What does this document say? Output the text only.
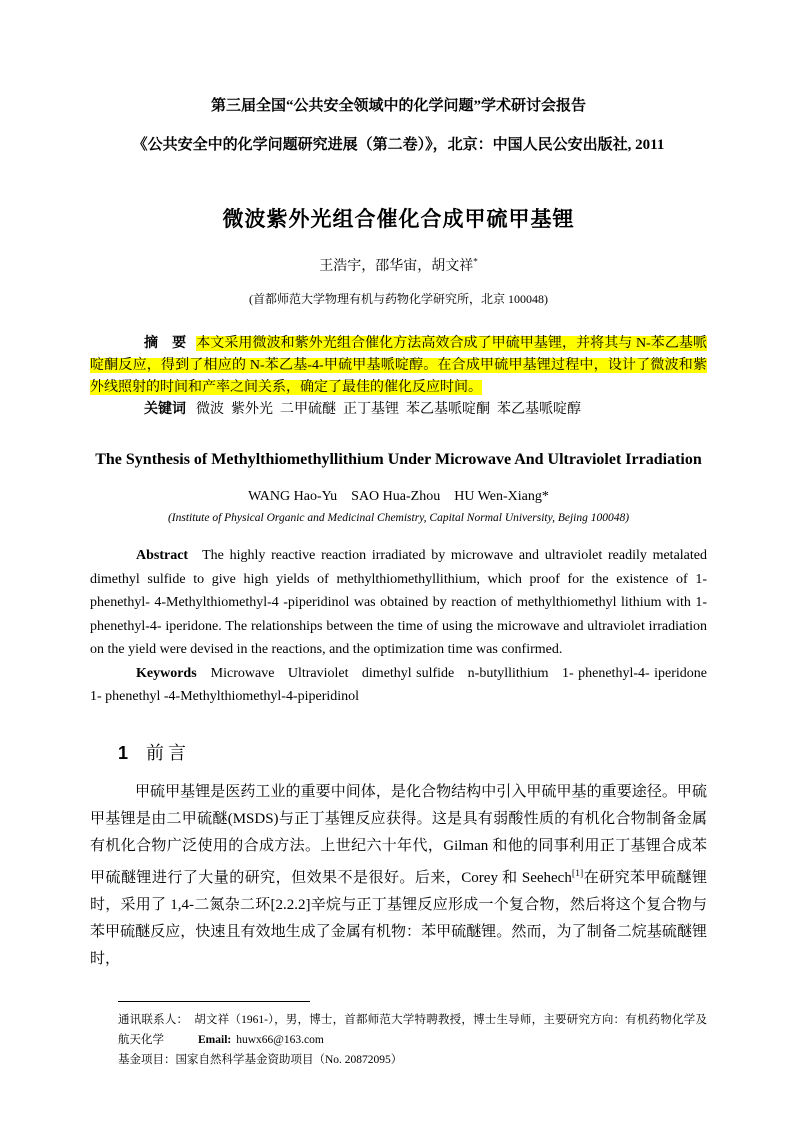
第三届全国“公共安全领域中的化学问题”学术研讨会报告

《公共安全中的化学问题研究进展（第二卷）》，北京：中国人民公安出版社, 2011

微波紫外光组合催化合成甲硫甲基锂

王浩宇，邵华宙，胡文祥*

(首都师范大学物理有机与药物化学研究所，北京 100048)

摘　要 本文采用微波和紫外光组合催化方法高效合成了甲硫甲基锂，并将其与 N-苯乙基哌啶酮反应，得到了相应的 N-苯乙基-4-甲硫甲基哌啶醇。在合成甲硫甲基锂过程中，设计了微波和紫外线照射的时间和产率之间关系，确定了最佳的催化反应时间。

关键词 微波  紫外光  二甲硫醚  正丁基锂  苯乙基哌啶酮  苯乙基哌啶醇

The Synthesis of Methylthiomethyllithium Under Microwave And Ultraviolet Irradiation

WANG Hao-Yu    SAO Hua-Zhou    HU Wen-Xiang*

(Institute of Physical Organic and Medicinal Chemistry, Capital Normal University, Bejing 100048)

Abstract The highly reactive reaction irradiated by microwave and ultraviolet readily metalated dimethyl sulfide to give high yields of methylthiomethyllithium, which proof for the existence of 1-phenethyl- 4-Methylthiomethyl-4 -piperidinol was obtained by reaction of methylthiomethyl lithium with 1-phenethyl-4- iperidone. The relationships between the time of using the microwave and ultraviolet irradiation on the yield were devised in the reactions, and the optimization time was confirmed.

Keywords Microwave   Ultraviolet   dimethyl sulfide   n-butyllithium   1- phenethyl-4- iperidone   1- phenethyl -4-Methylthiomethyl-4-piperidinol

1 前言

甲硫甲基锂是医药工业的重要中间体，是化合物结构中引入甲硫甲基的重要途径。甲硫甲基锂是由二甲硫醚(MSDS)与正丁基锂反应获得。这是具有弱酸性质的有机化合物制备金属有机化合物广泛使用的合成方法。上世纪六十年代，Gilman 和他的同事利用正丁基锂合成苯甲硫醚锂进行了大量的研究，但效果不是很好。后来，Corey 和 Seehech[1]在研究苯甲硫醚锂时，采用了 1,4-二氮杂二环[2.2.2]辛烷与正丁基锂反应形成一个复合物，然后将这个复合物与苯甲硫醚反应，快速且有效地生成了金属有机物：苯甲硫醚锂。然而，为了制备二烷基硫醚锂时，

通讯联系人： 胡文祥（1961-），男，博士，首都师范大学特聘教授，博士生导师，主要研究方向：有机药物化学及航天化学	Email: huwx66@163.com

基金项目：国家自然科学基金资助项目（No. 20872095）
